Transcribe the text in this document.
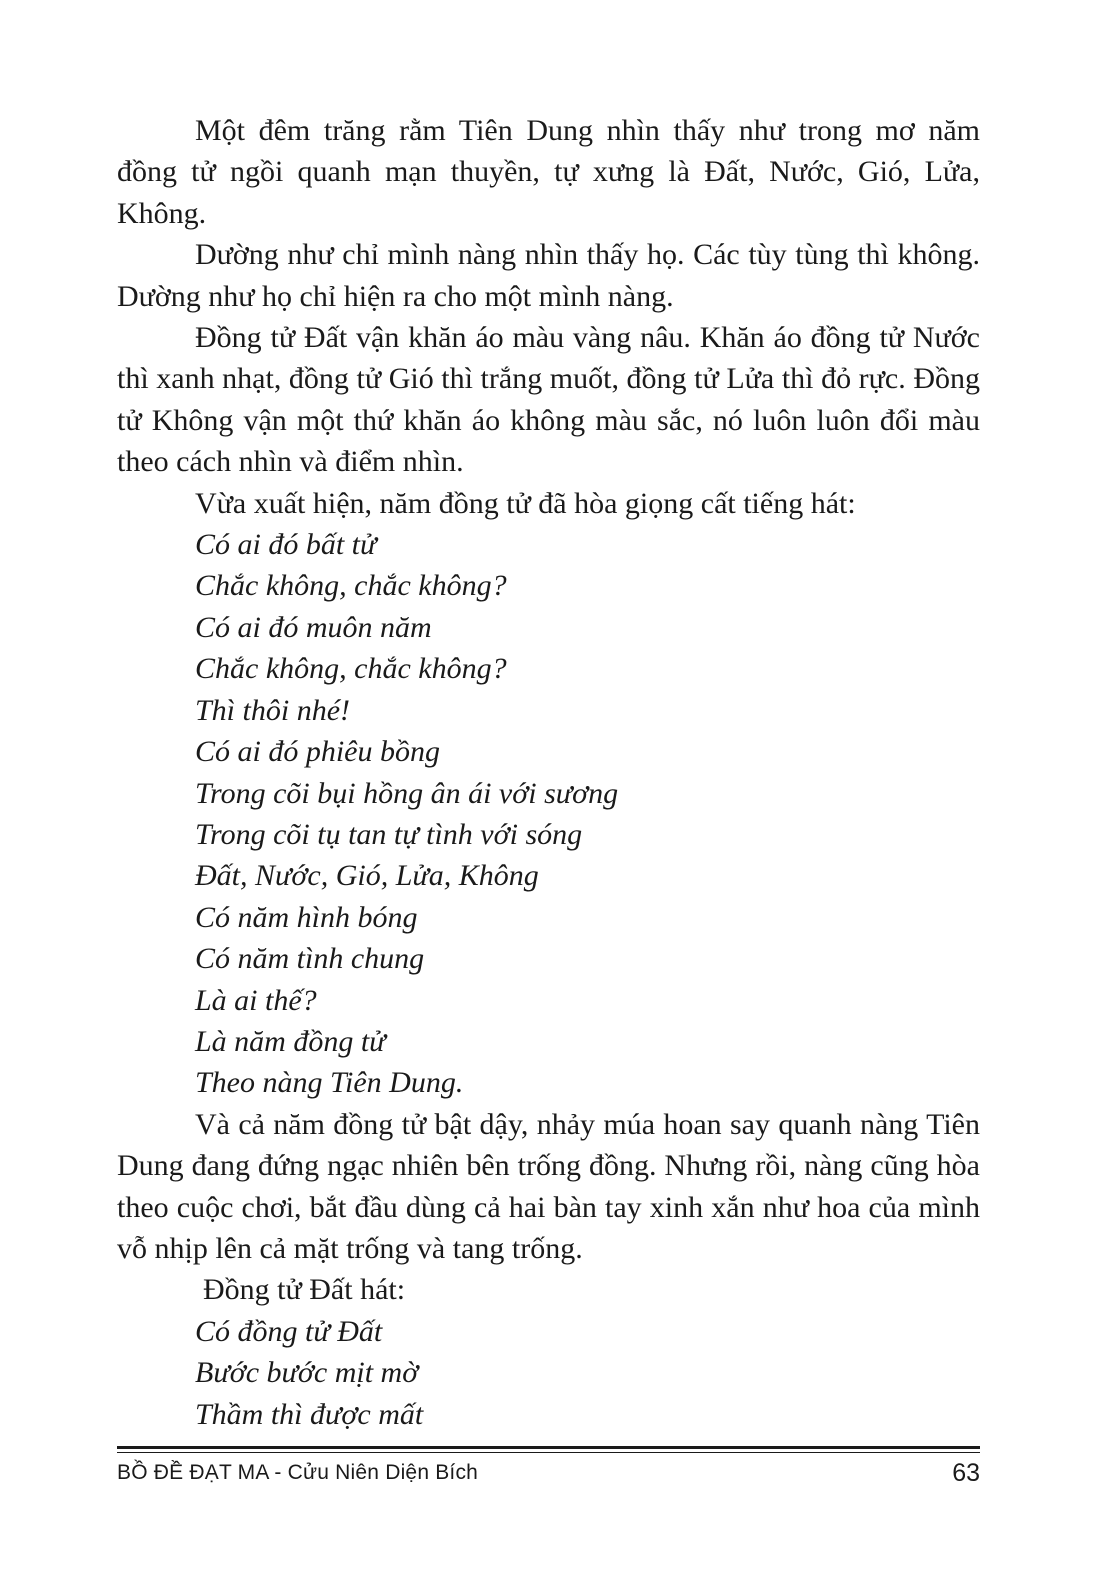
Một đêm trăng rằm Tiên Dung nhìn thấy như trong mơ năm đồng tử ngồi quanh mạn thuyền, tự xưng là Đất, Nước, Gió, Lửa, Không.

Dường như chỉ mình nàng nhìn thấy họ. Các tùy tùng thì không. Dường như họ chỉ hiện ra cho một mình nàng.

Đồng tử Đất vận khăn áo màu vàng nâu. Khăn áo đồng tử Nước thì xanh nhạt, đồng tử Gió thì trắng muốt, đồng tử Lửa thì đỏ rực. Đồng tử Không vận một thứ khăn áo không màu sắc, nó luôn luôn đổi màu theo cách nhìn và điểm nhìn.

Vừa xuất hiện, năm đồng tử đã hòa giọng cất tiếng hát:

Có ai đó bất tử
Chắc không, chắc không?
Có ai đó muôn năm
Chắc không, chắc không?
Thì thôi nhé!
Có ai đó phiêu bồng
Trong cõi bụi hồng ân ái với sương
Trong cõi tụ tan tự tình với sóng
Đất, Nước, Gió, Lửa, Không
Có năm hình bóng
Có năm tình chung
Là ai thế?
Là năm đồng tử
Theo nàng Tiên Dung.

Và cả năm đồng tử bật dậy, nhảy múa hoan say quanh nàng Tiên Dung đang đứng ngạc nhiên bên trống đồng. Nhưng rồi, nàng cũng hòa theo cuộc chơi, bắt đầu dùng cả hai bàn tay xinh xắn như hoa của mình vỗ nhịp lên cả mặt trống và tang trống.

Đồng tử Đất hát:

Có đồng tử Đất
Bước bước mịt mờ
Thầm thì được mất
BỒ ĐỀ ĐẠT MA - Cửu Niên Diện Bích	63
